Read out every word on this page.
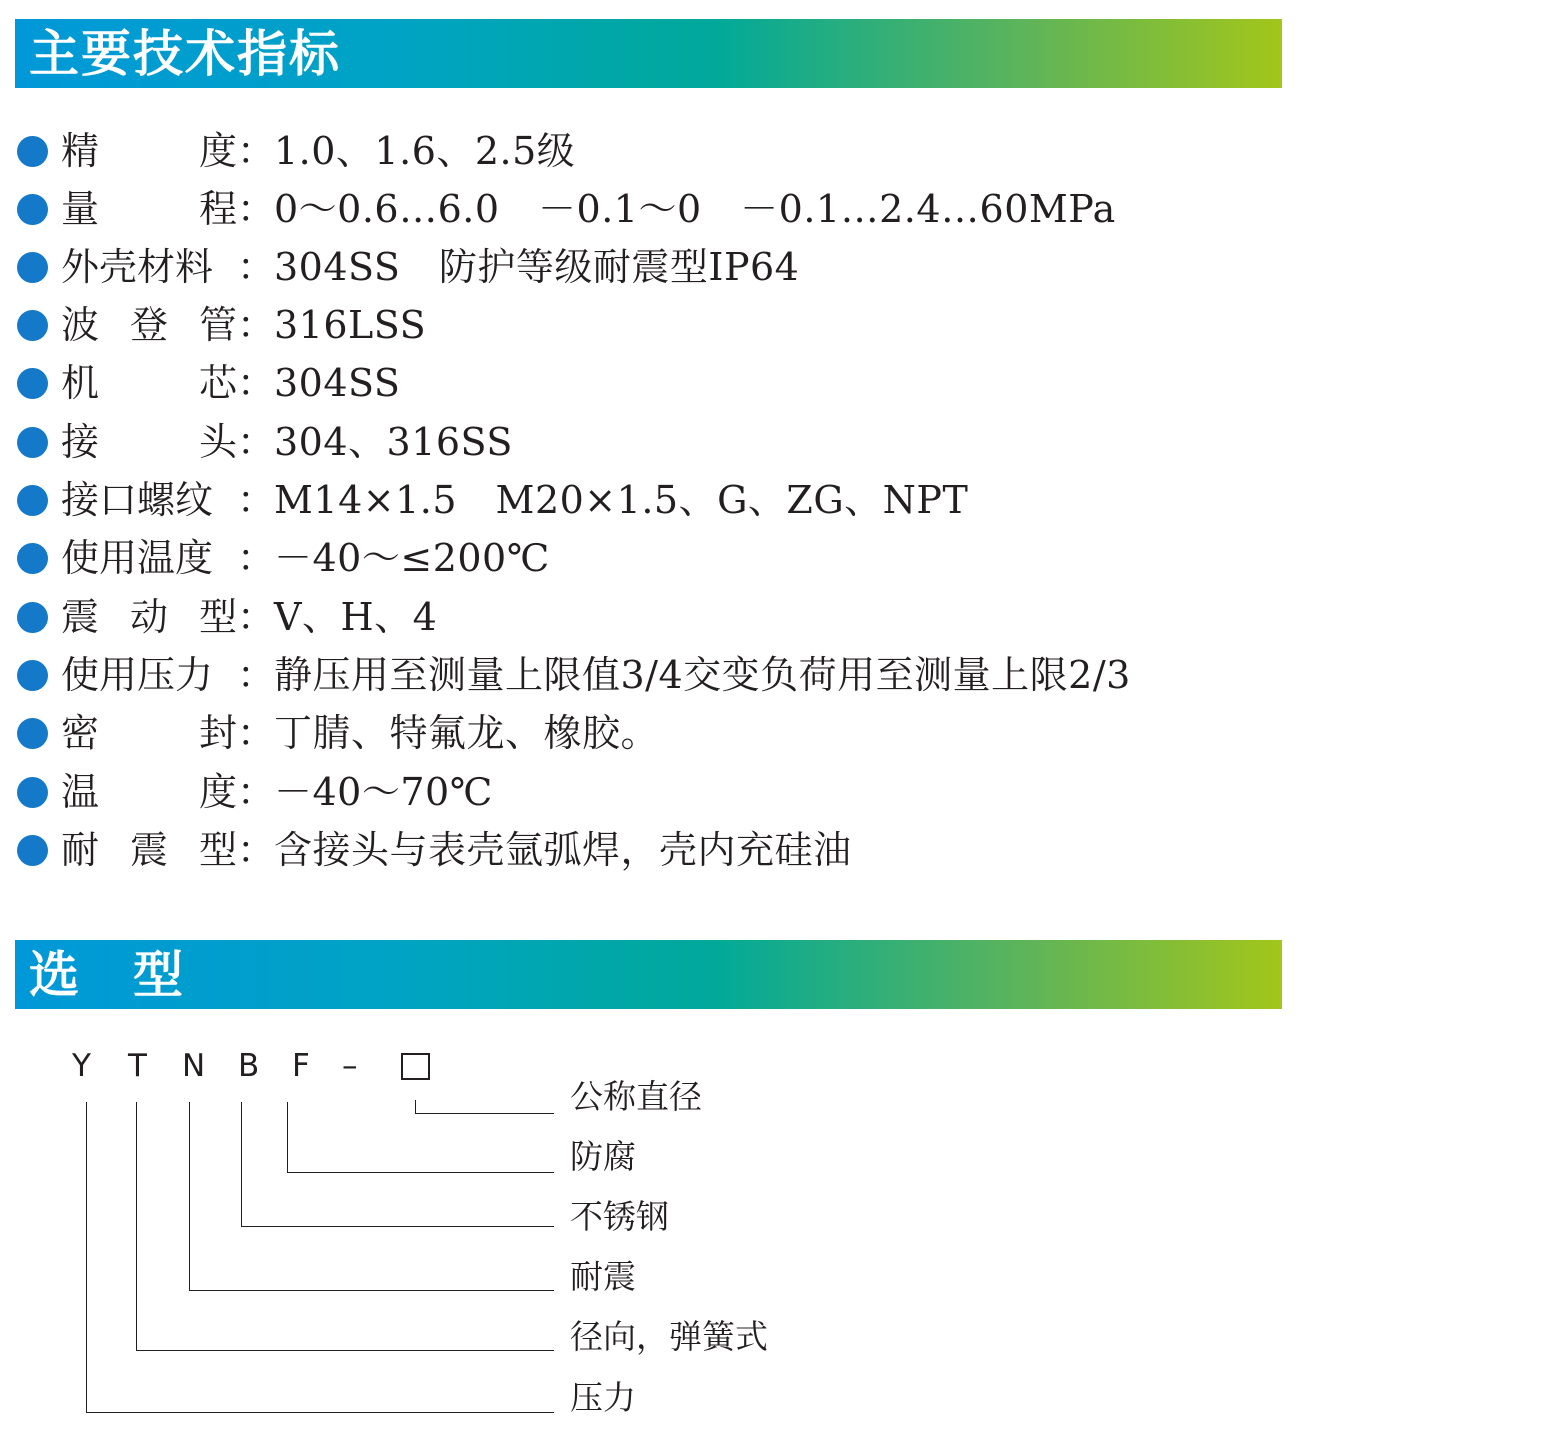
主要技术指标
精	度 ：
1.0、1.6、2.5级
量	程 ：
0～0.6…6.0　－0.1～0　－0.1…2.4…60MPa
外 壳 材 料 ：
304SS　防护等级耐震型IP64
波 登 管 ：
316LSS
机	芯 ：
304SS
接	头 ：
304、316SS
接 口 螺 纹 ：
M14×1.5　M20×1.5、G、ZG、NPT
使 用 温 度 ：
－40～≤200℃
震 动 型 ：
V、H、4
使 用 压 力 ：
静压用至测量上限值3/4交变负荷用至测量上限2/3
密	封 ：
丁腈、特氟龙、橡胶。
温	度 ：
－40～70℃
耐 震 型 ：
含接头与表壳氩弧焊，壳内充硅油
选　型
Y T N B F –
公称直径
防腐
不锈钢
耐震
径向，弹簧式
压力
